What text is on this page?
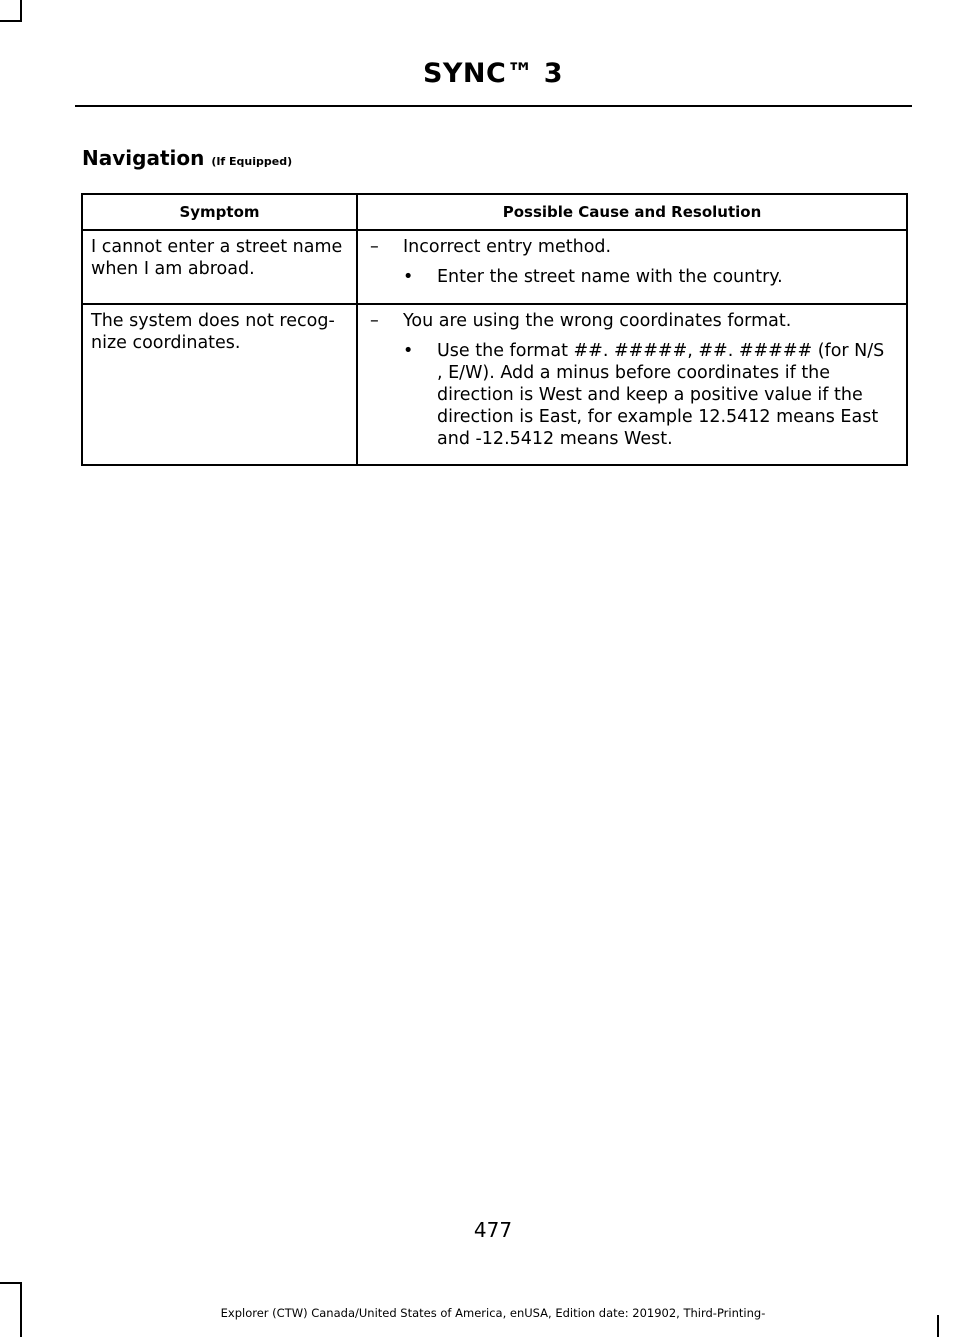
SYNC™ 3
Navigation (If Equipped)
Symptom	Possible Cause and Resolution
I cannot enter a street name when I am abroad.	– Incorrect entry method.
• Enter the street name with the country.

The system does not recog-nize coordinates.	– You are using the wrong coordinates format.
• Use the format ##. #####, ##. ##### (for N/S , E/W). Add a minus before coordinates if the direction is West and keep a positive value if the direction is East, for example 12.5412 means East and -12.5412 means West.
477
Explorer (CTW) Canada/United States of America, enUSA, Edition date: 201902, Third-Printing-
